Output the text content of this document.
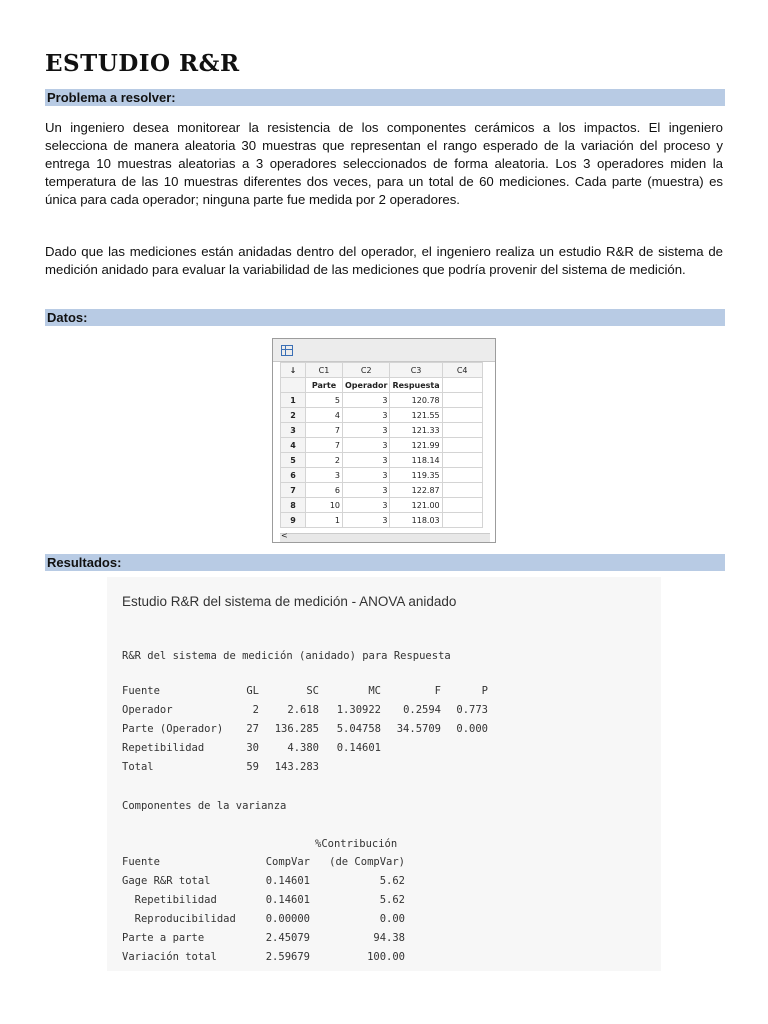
ESTUDIO R&R
Problema a resolver:

Un ingeniero desea monitorear la resistencia de los componentes cerámicos a los impactos. El ingeniero selecciona de manera aleatoria 30 muestras que representan el rango esperado de la variación del proceso y entrega 10 muestras aleatorias a 3 operadores seleccionados de forma aleatoria. Los 3 operadores miden la temperatura de las 10 muestras diferentes dos veces, para un total de 60 mediciones. Cada parte (muestra) es única para cada operador; ninguna parte fue medida por 2 operadores.

Dado que las mediciones están anidadas dentro del operador, el ingeniero realiza un estudio R&R de sistema de medición anidado para evaluar la variabilidad de las mediciones que podría provenir del sistema de medición.

Datos:
Resultados:
↓	C1	C2	C3	C4
	Parte	Operador	Respuesta	
1	5	3	120.78	
2	4	3	121.55	
3	7	3	121.33	
4	7	3	121.99	
5	2	3	118.14	
6	3	3	119.35	
7	6	3	122.87	
8	10	3	121.00	
9	1	3	118.03	
<
Estudio R&R del sistema de medición - ANOVA anidado
R&R del sistema de medición (anidado) para Respuesta
Fuente	GL	SC	MC	F	P
Operador	2	2.618 1.30922 0.2594 0.773
Parte (Operador) 27 136.285 5.04758 34.5709 0.000
Repetibilidad	30	4.380 0.14601
Total	59 143.283
Componentes de la varianza
%Contribución
Fuente	CompVar (de CompVar)
Gage R&R total	0.14601	5.62
Repetibilidad	0.14601	5.62
Reproducibilidad	0.00000	0.00
Parte a parte	2.45079	94.38
Variación total	2.59679	100.00
